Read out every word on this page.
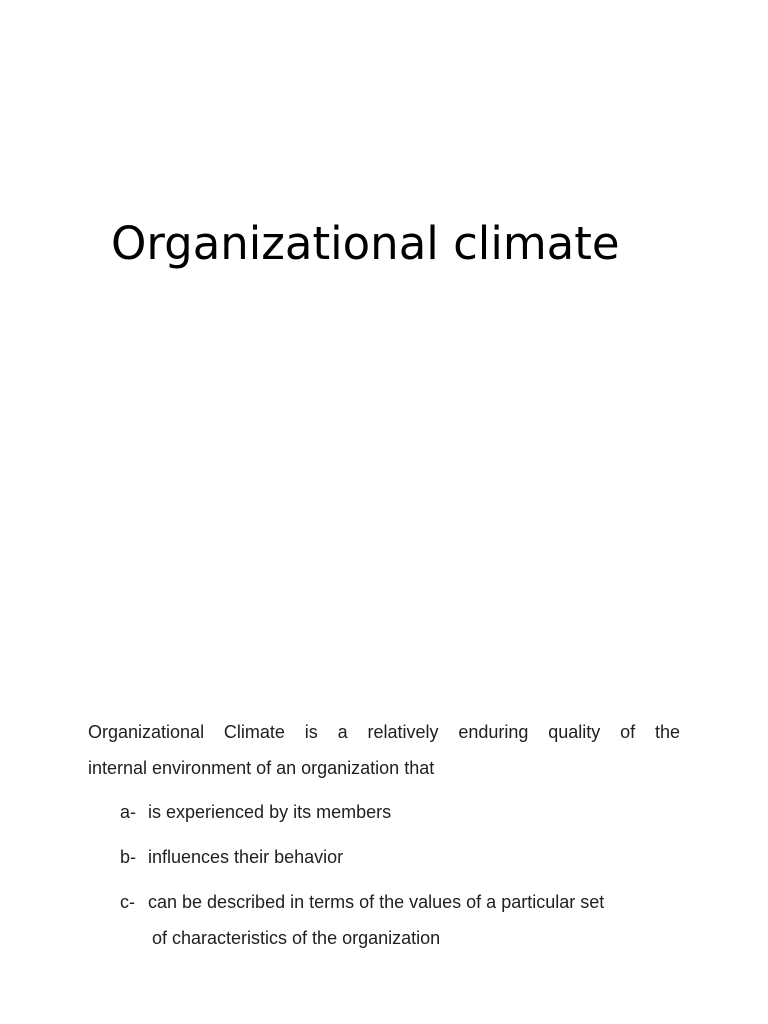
Organizational climate

Organizational Climate is a relatively enduring quality of the

internal environment of an organization that

a- is experienced by its members
b- influences their behavior
c- can be described in terms of the values of a particular set
of characteristics of the organization
